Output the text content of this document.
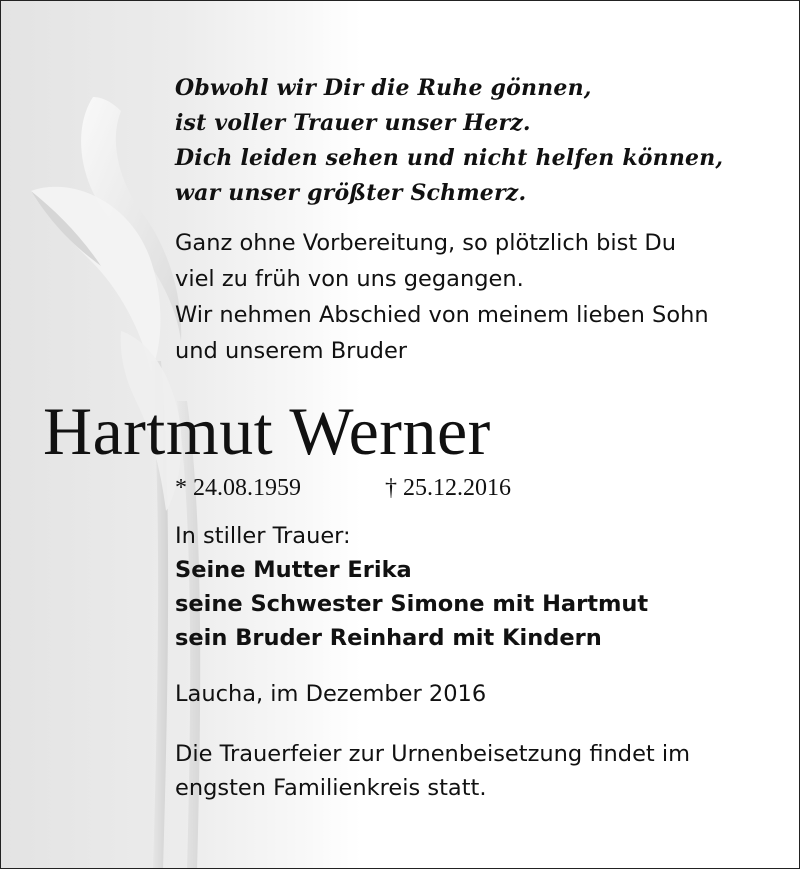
Obwohl wir Dir die Ruhe gönnen,
ist voller Trauer unser Herz.
Dich leiden sehen und nicht helfen können,
war unser größter Schmerz.
Ganz ohne Vorbereitung, so plötzlich bist Du
viel zu früh von uns gegangen.
Wir nehmen Abschied von meinem lieben Sohn
und unserem Bruder
Hartmut Werner
* 24.08.1959	† 25.12.2016
In stiller Trauer:
Seine Mutter Erika
seine Schwester Simone mit Hartmut
sein Bruder Reinhard mit Kindern
Laucha, im Dezember 2016
Die Trauerfeier zur Urnenbeisetzung findet im
engsten Familienkreis statt.
